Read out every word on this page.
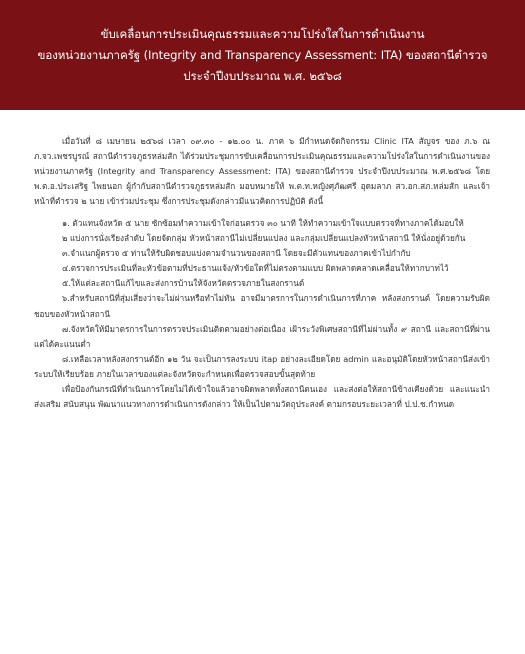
ขับเคลื่อนการประเมินคุณธรรมและความโปร่งใสในการดำเนินงาน
ของหน่วยงานภาครัฐ (Integrity and Transparency Assessment: ITA) ของสถานีตำรวจ
ประจำปีงบประมาณ พ.ศ. ๒๕๖๘

เมื่อวันที่ ๘ เมษายน ๒๕๖๘ เวลา ๐๙.๓๐ - ๑๒.๐๐ น. ภาค ๖ มีกำหนดจัดกิจกรรม Clinic ITA สัญจร ของ ภ.๖ ณ ภ.จว.เพชรบูรณ์ สถานีตำรวจภูธรหล่มสัก ได้ร่วมประชุมการขับเคลื่อนการประเมินคุณธรรมและความโปร่งใสในการดำเนินงานของหน่วยงานภาครัฐ (Integrity and Transparency Assessment: ITA) ของสถานีตำรวจ ประจำปีงบประมาณ พ.ศ.๒๕๖๘ โดย พ.ต.อ.ประเสริฐ ไพยนอก ผู้กำกับสถานีตำรวจภูธรหล่มสัก มอบหมายให้ พ.ต.ท.หญิงศุภัฒศรี อุดมลาภ สว.อก.สภ.หล่มสัก และเจ้าหน้าที่ตำรวจ ๒ นาย เข้าร่วมประชุม ซึ่งการประชุมดังกล่าวมีแนวคิดการปฏิบัติ ดังนี้

๑. ตัวแทนจังหวัด ๕ นาย ซักซ้อมทำความเข้าใจก่อนตรวจ ๓๐ นาที ให้ทำความเข้าใจแบบตรวจที่ทางภาคได้มอบให้

๒ แบ่งการนั่งเรียงลำดับ โดยจัดกลุ่ม หัวหน้าสถานีไม่เปลี่ยนแปลง และกลุ่มเปลี่ยนแปลงหัวหน้าสถานี ให้นั่งอยู่ด้วยกัน

๓.จำแนกผู้ตรวจ ๕ ท่านให้รับผิดชอบแบ่งตามจำนวนของสถานี โดยจะมีตัวแทนของภาคเข้าไปกำกับ

๔.ตรวจการประเมินที่ละหัวข้อตามที่ประธานแจ้ง/หัวข้อใดที่ไม่ตรงตามแบบ ผิดพลาดคลาดเคลื่อนให้ทากบาทไว้

๕.ให้แต่ละสถานีแก้ไขและส่งการบ้านให้จังหวัดตรวจภายในสงกรานต์

๖.สำหรับสถานีที่สุ่มเสี่ยงว่าจะไม่ผ่านหรือทำไม่ทัน อาจมีมาตรการในการดำเนินการที่ภาค หลังสงกรานต์ โดยความรับผิดชอบของหัวหน้าสถานี

๗.จังหวัดให้มีมาตรการในการตรวจประเมินติดตามอย่างต่อเนื่อง เฝ้าระวังพิเศษสถานีที่ไม่ผ่านทั้ง ๙ สถานี และสถานีที่ผ่านแต่ได้คะแนนต่ำ

๘.เหลือเวลาหลังสงกรานต์อีก ๑๒ วัน จะเป็นการลงระบบ itap อย่างละเอียดโดย admin และอนุมัติโดยหัวหน้าสถานีส่งเข้าระบบให้เรียบร้อย ภายในเวลาของแต่ละจังหวัดจะกำหนดเพื่อตรวจสอบขั้นสุดท้าย

เพื่อป้องกันกรณีที่ดำเนินการโดยไม่ได้เข้าใจแล้วอาจผิดพลาดทั้งสถานีตนเอง และส่งต่อให้สถานีข้างเคียงด้วย และแนะนำ ส่งเสริม สนับสนุน พัฒนาแนวทางการดำเนินการดังกล่าว ให้เป็นไปตามวัตถุประสงค์ ตามกรอบระยะเวลาที่ ป.ป.ช.กำหนด
